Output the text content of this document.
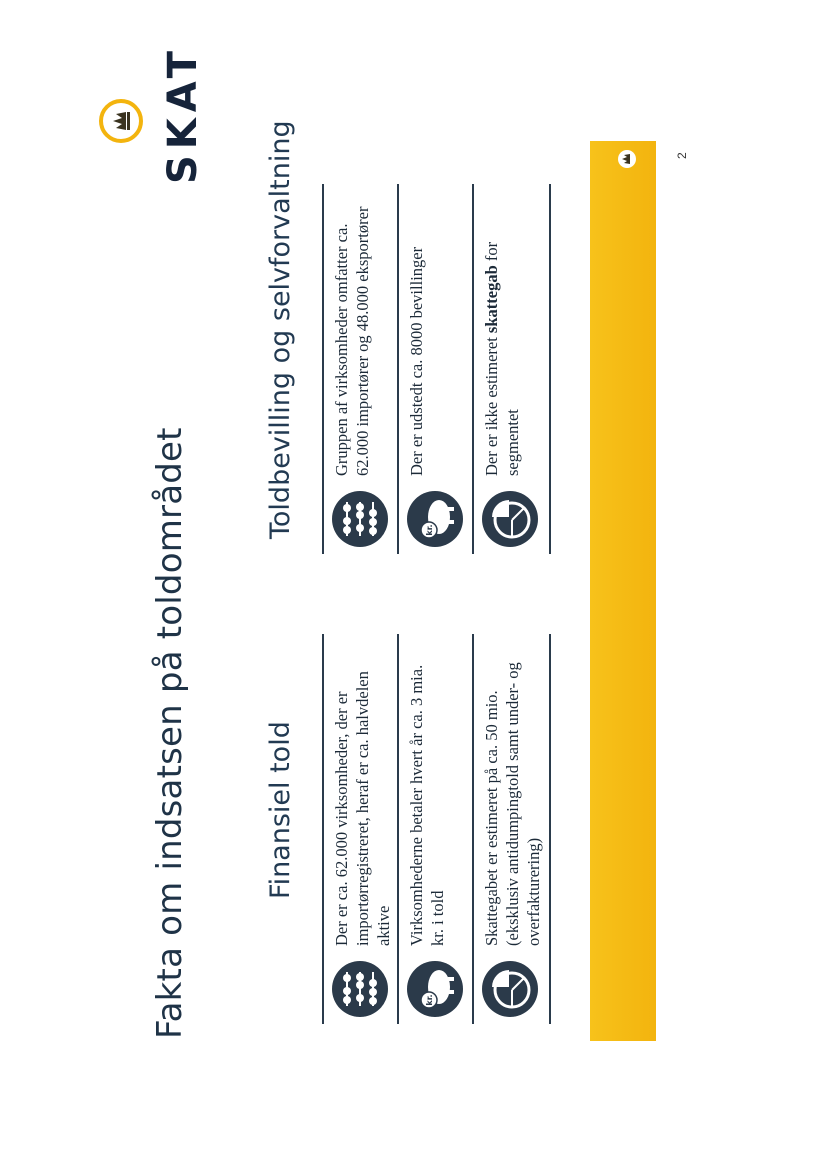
Fakta om indsatsen på toldområdet
SKAT
Finansiel told Der er ca. 62.000 virksomheder, der er importørregistreret, heraf er ca. halvdelen aktive
kr.
Virksomhederne betaler hvert år ca. 3 mia. kr. i told Skattegabet er estimeret på ca. 50 mio. (eksklusiv antidumpingtold samt under- og overfakturering)
Toldbevilling og selvforvaltning Gruppen af virksomheder omfatter ca. 62.000 importører og 48.000 eksportører
kr.
Der er udstedt ca. 8000 bevillinger	Der er ikke estimeret skattegab for
segmentet
2
